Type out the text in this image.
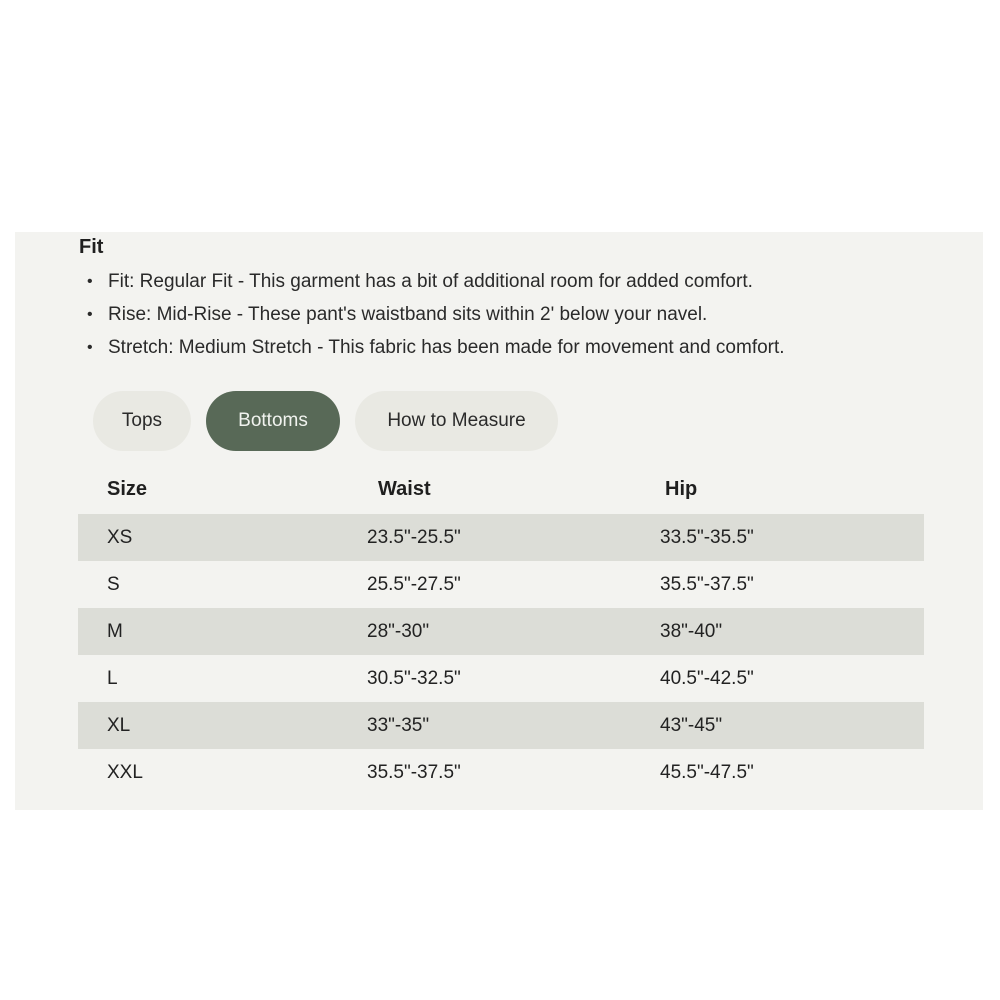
Fit
• Fit: Regular Fit - This garment has a bit of additional room for added comfort.
• Rise: Mid-Rise - These pant's waistband sits within 2' below your navel.
• Stretch: Medium Stretch - This fabric has been made for movement and comfort.
Tops	Bottoms	How to Measure
Size	Waist	Hip
XS	23.5"-25.5"	33.5"-35.5"
S	25.5"-27.5"	35.5"-37.5"
M	28"-30"	38"-40"
L	30.5"-32.5"	40.5"-42.5"
XL	33"-35"	43"-45"
XXL	35.5"-37.5"	45.5"-47.5"
